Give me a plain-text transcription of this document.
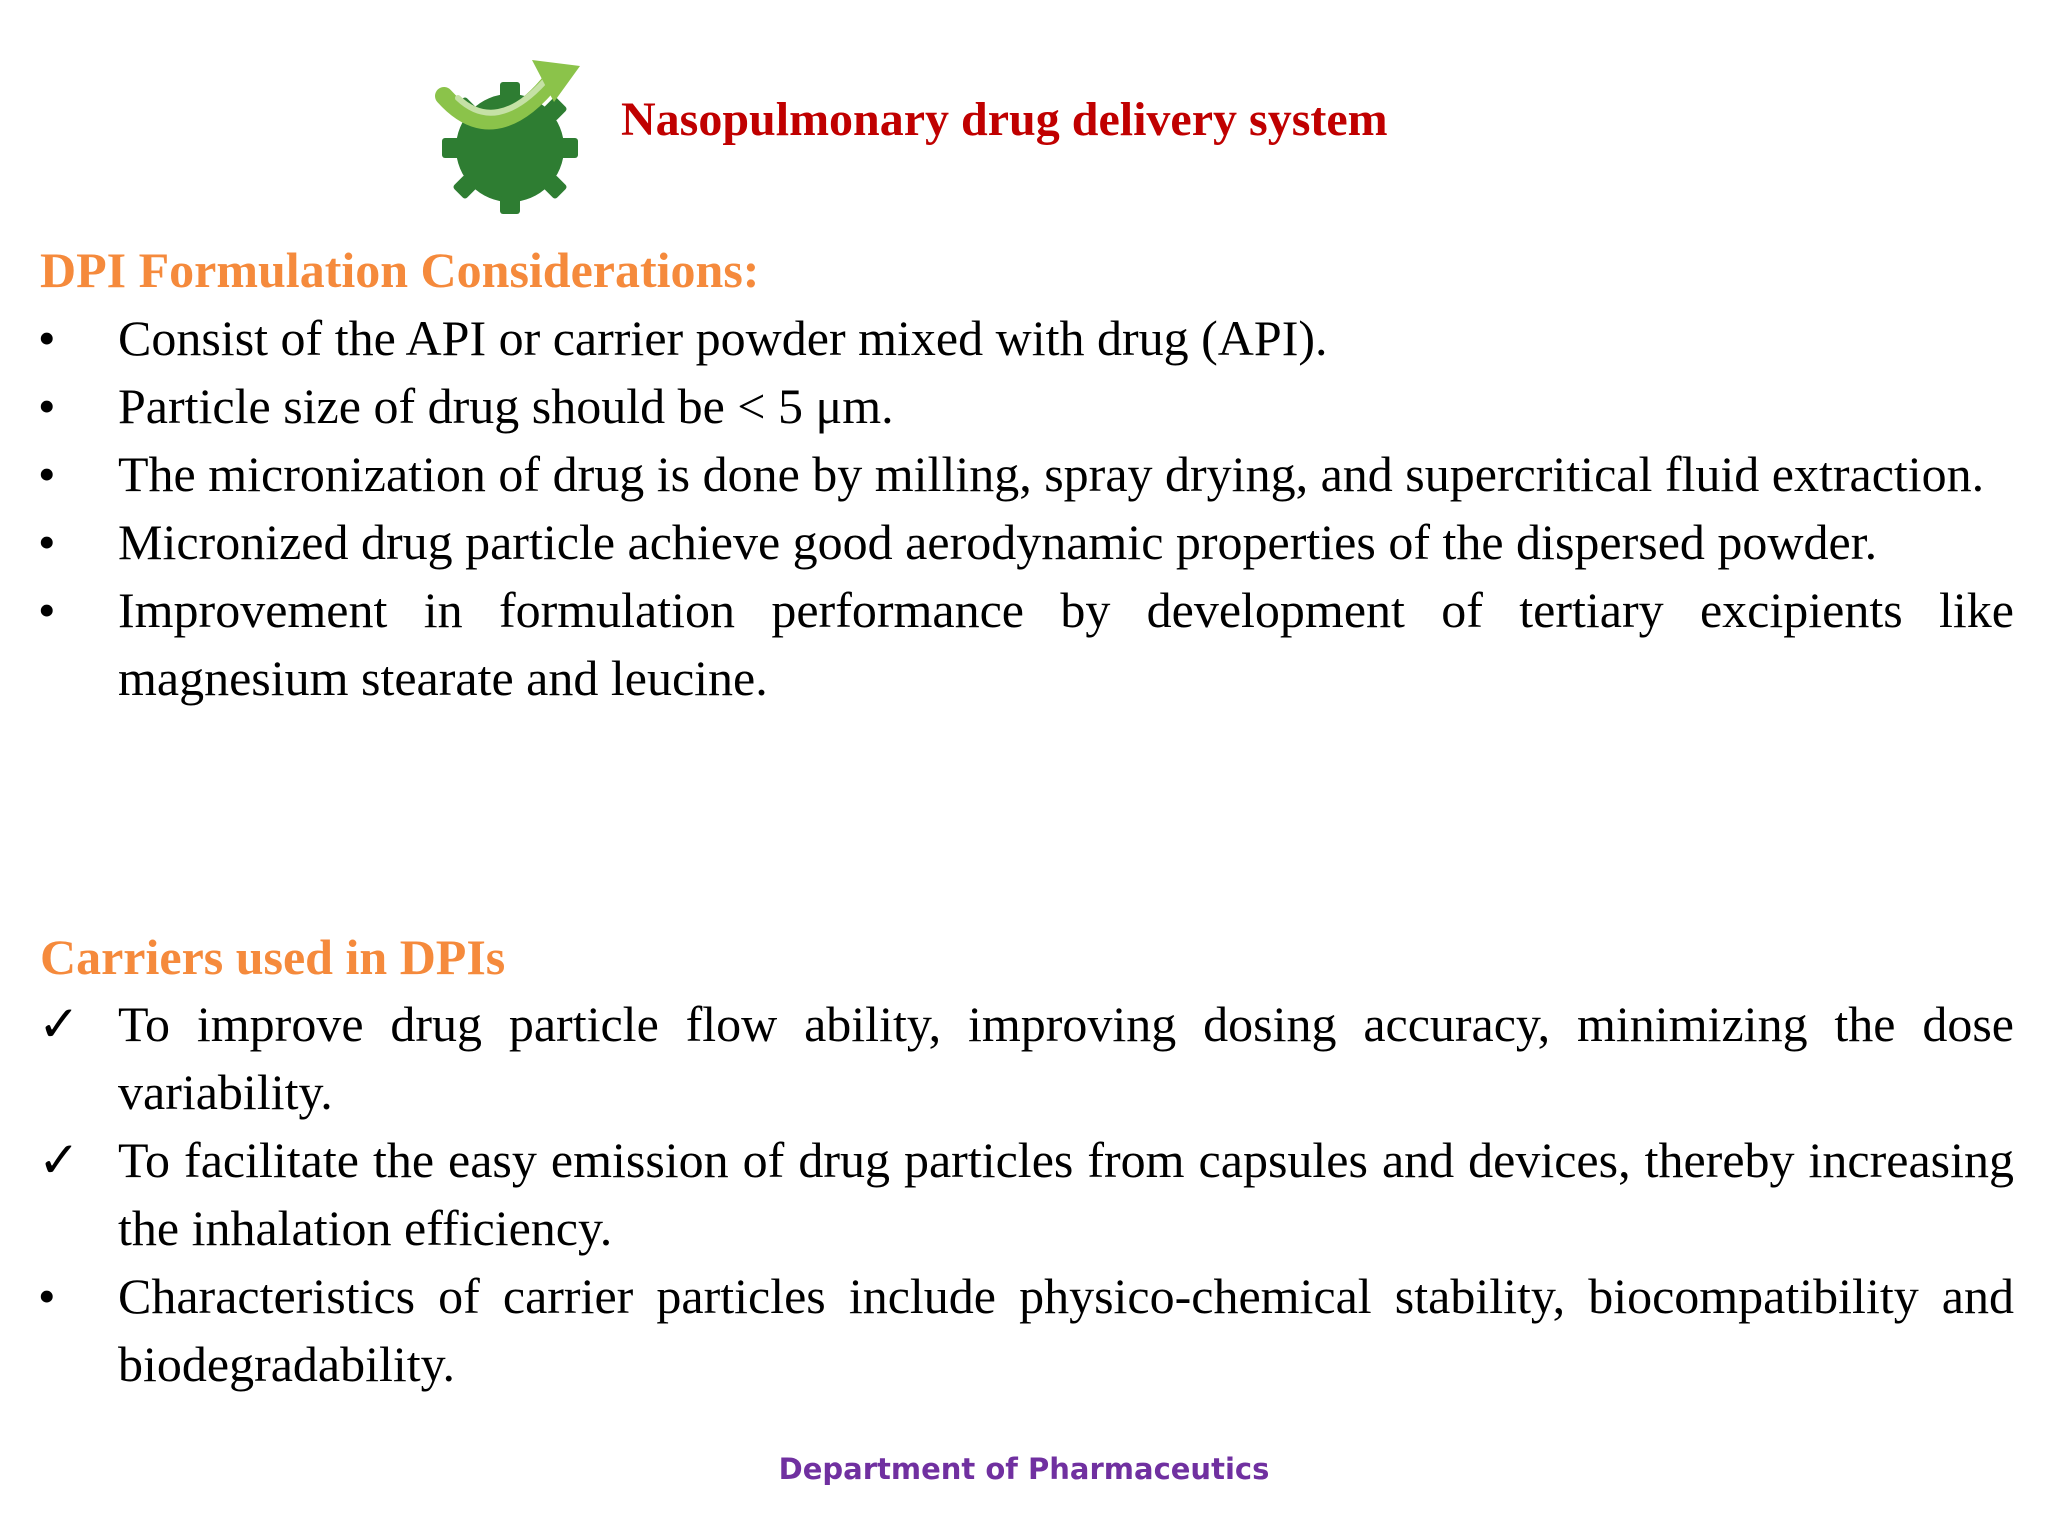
Nasopulmonary drug delivery system
DPI Formulation Considerations:
•	Consist of the API or carrier powder mixed with drug (API).
•	Particle size of drug should be < 5 μm.
•	The micronization of drug is done by milling, spray drying, and supercritical fluid extraction.
•	Micronized drug particle achieve good aerodynamic properties of the dispersed powder.
•	Improvement in formulation performance by development of tertiary excipients like magnesium stearate and leucine.
Carriers used in DPIs
✓ To improve drug particle flow ability, improving dosing accuracy, minimizing the dose variability.
✓ To facilitate the easy emission of drug particles from capsules and devices, thereby increasing the inhalation efficiency.
•	Characteristics of carrier particles include physico-chemical stability, biocompatibility and biodegradability.
Department of Pharmaceutics
